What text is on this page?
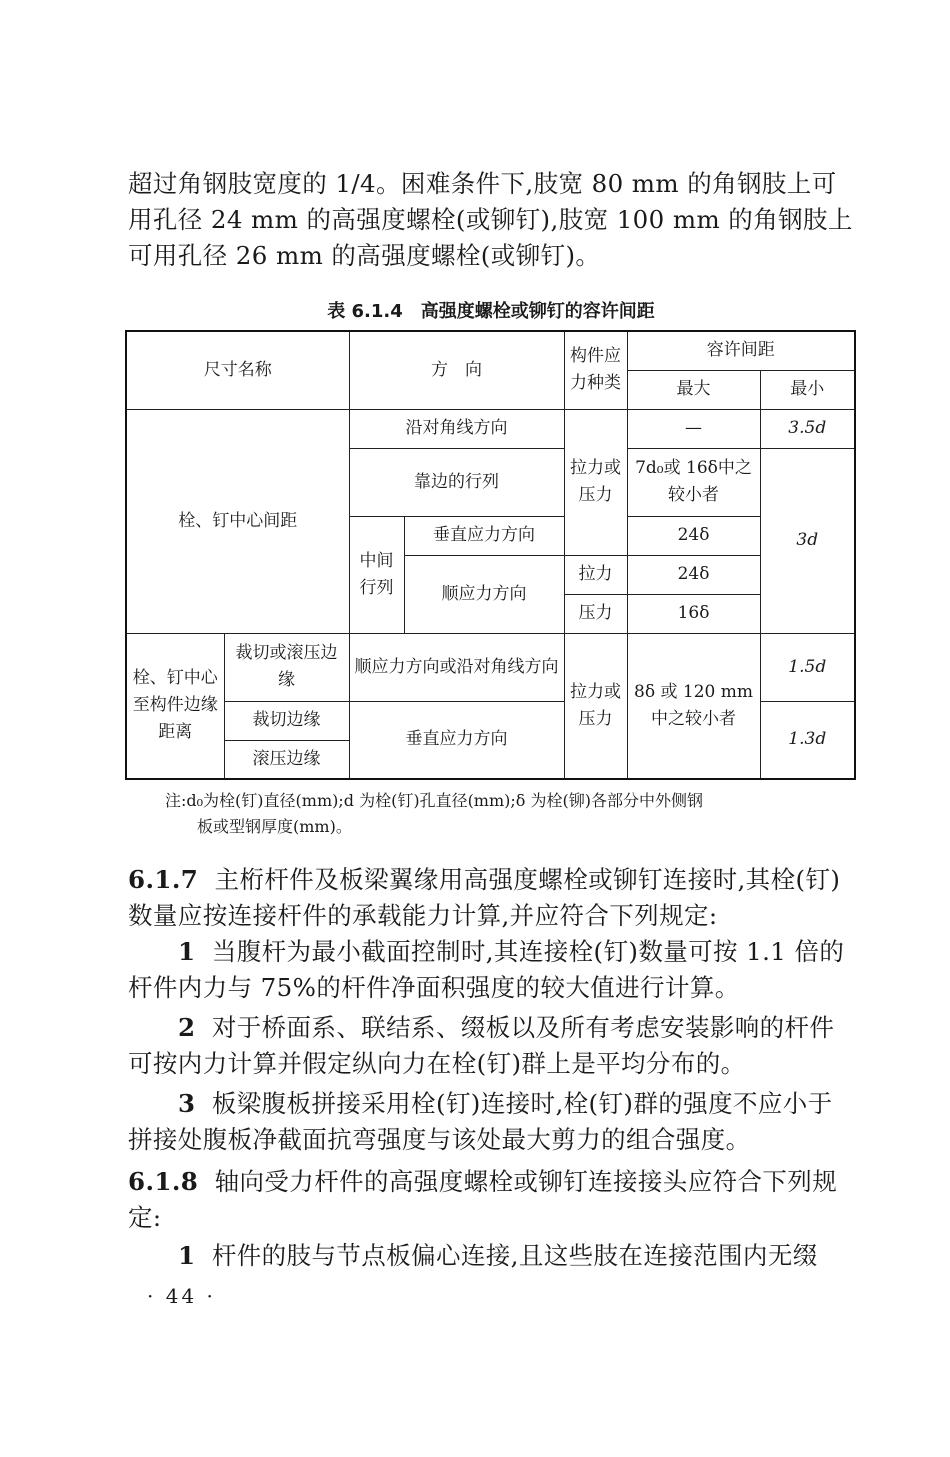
超过角钢肢宽度的 1/4。困难条件下,肢宽 80 mm 的角钢肢上可
用孔径 24 mm 的高强度螺栓(或铆钉),肢宽 100 mm 的角钢肢上
可用孔径 26 mm 的高强度螺栓(或铆钉)。

表 6.1.4　高强度螺栓或铆钉的容许间距
尺寸名称		方　向		构件应力种类	容许间距	
					最大	最小
栓、钉中心间距		沿对角线方向		拉力或压力	—	3.5d
		靠边的行列			7d₀或 16δ中之较小者	3d
		中间行列	垂直应力方向		24δ	
			顺应力方向	拉力	24δ	
				压力	16δ	
栓、钉中心至构件边缘距离	裁切或滚压边缘	顺应力方向或沿对角线方向		拉力或压力	8δ 或 120 mm中之较小者	1.5d
	裁切边缘	垂直应力方向				1.3d
	滚压边缘					

注:d₀为栓(钉)直径(mm);d 为栓(钉)孔直径(mm);δ 为栓(铆)各部分中外侧钢
板或型钢厚度(mm)。

6.1.7 主桁杆件及板梁翼缘用高强度螺栓或铆钉连接时,其栓(钉)数量应按连接杆件的承载能力计算,并应符合下列规定:

1 当腹杆为最小截面控制时,其连接栓(钉)数量可按 1.1 倍的杆件内力与 75%的杆件净面积强度的较大值进行计算。

2 对于桥面系、联结系、缀板以及所有考虑安装影响的杆件可按内力计算并假定纵向力在栓(钉)群上是平均分布的。

3 板梁腹板拼接采用栓(钉)连接时,栓(钉)群的强度不应小于拼接处腹板净截面抗弯强度与该处最大剪力的组合强度。

6.1.8 轴向受力杆件的高强度螺栓或铆钉连接接头应符合下列规定:

1 杆件的肢与节点板偏心连接,且这些肢在连接范围内无缀

· 44 ·
